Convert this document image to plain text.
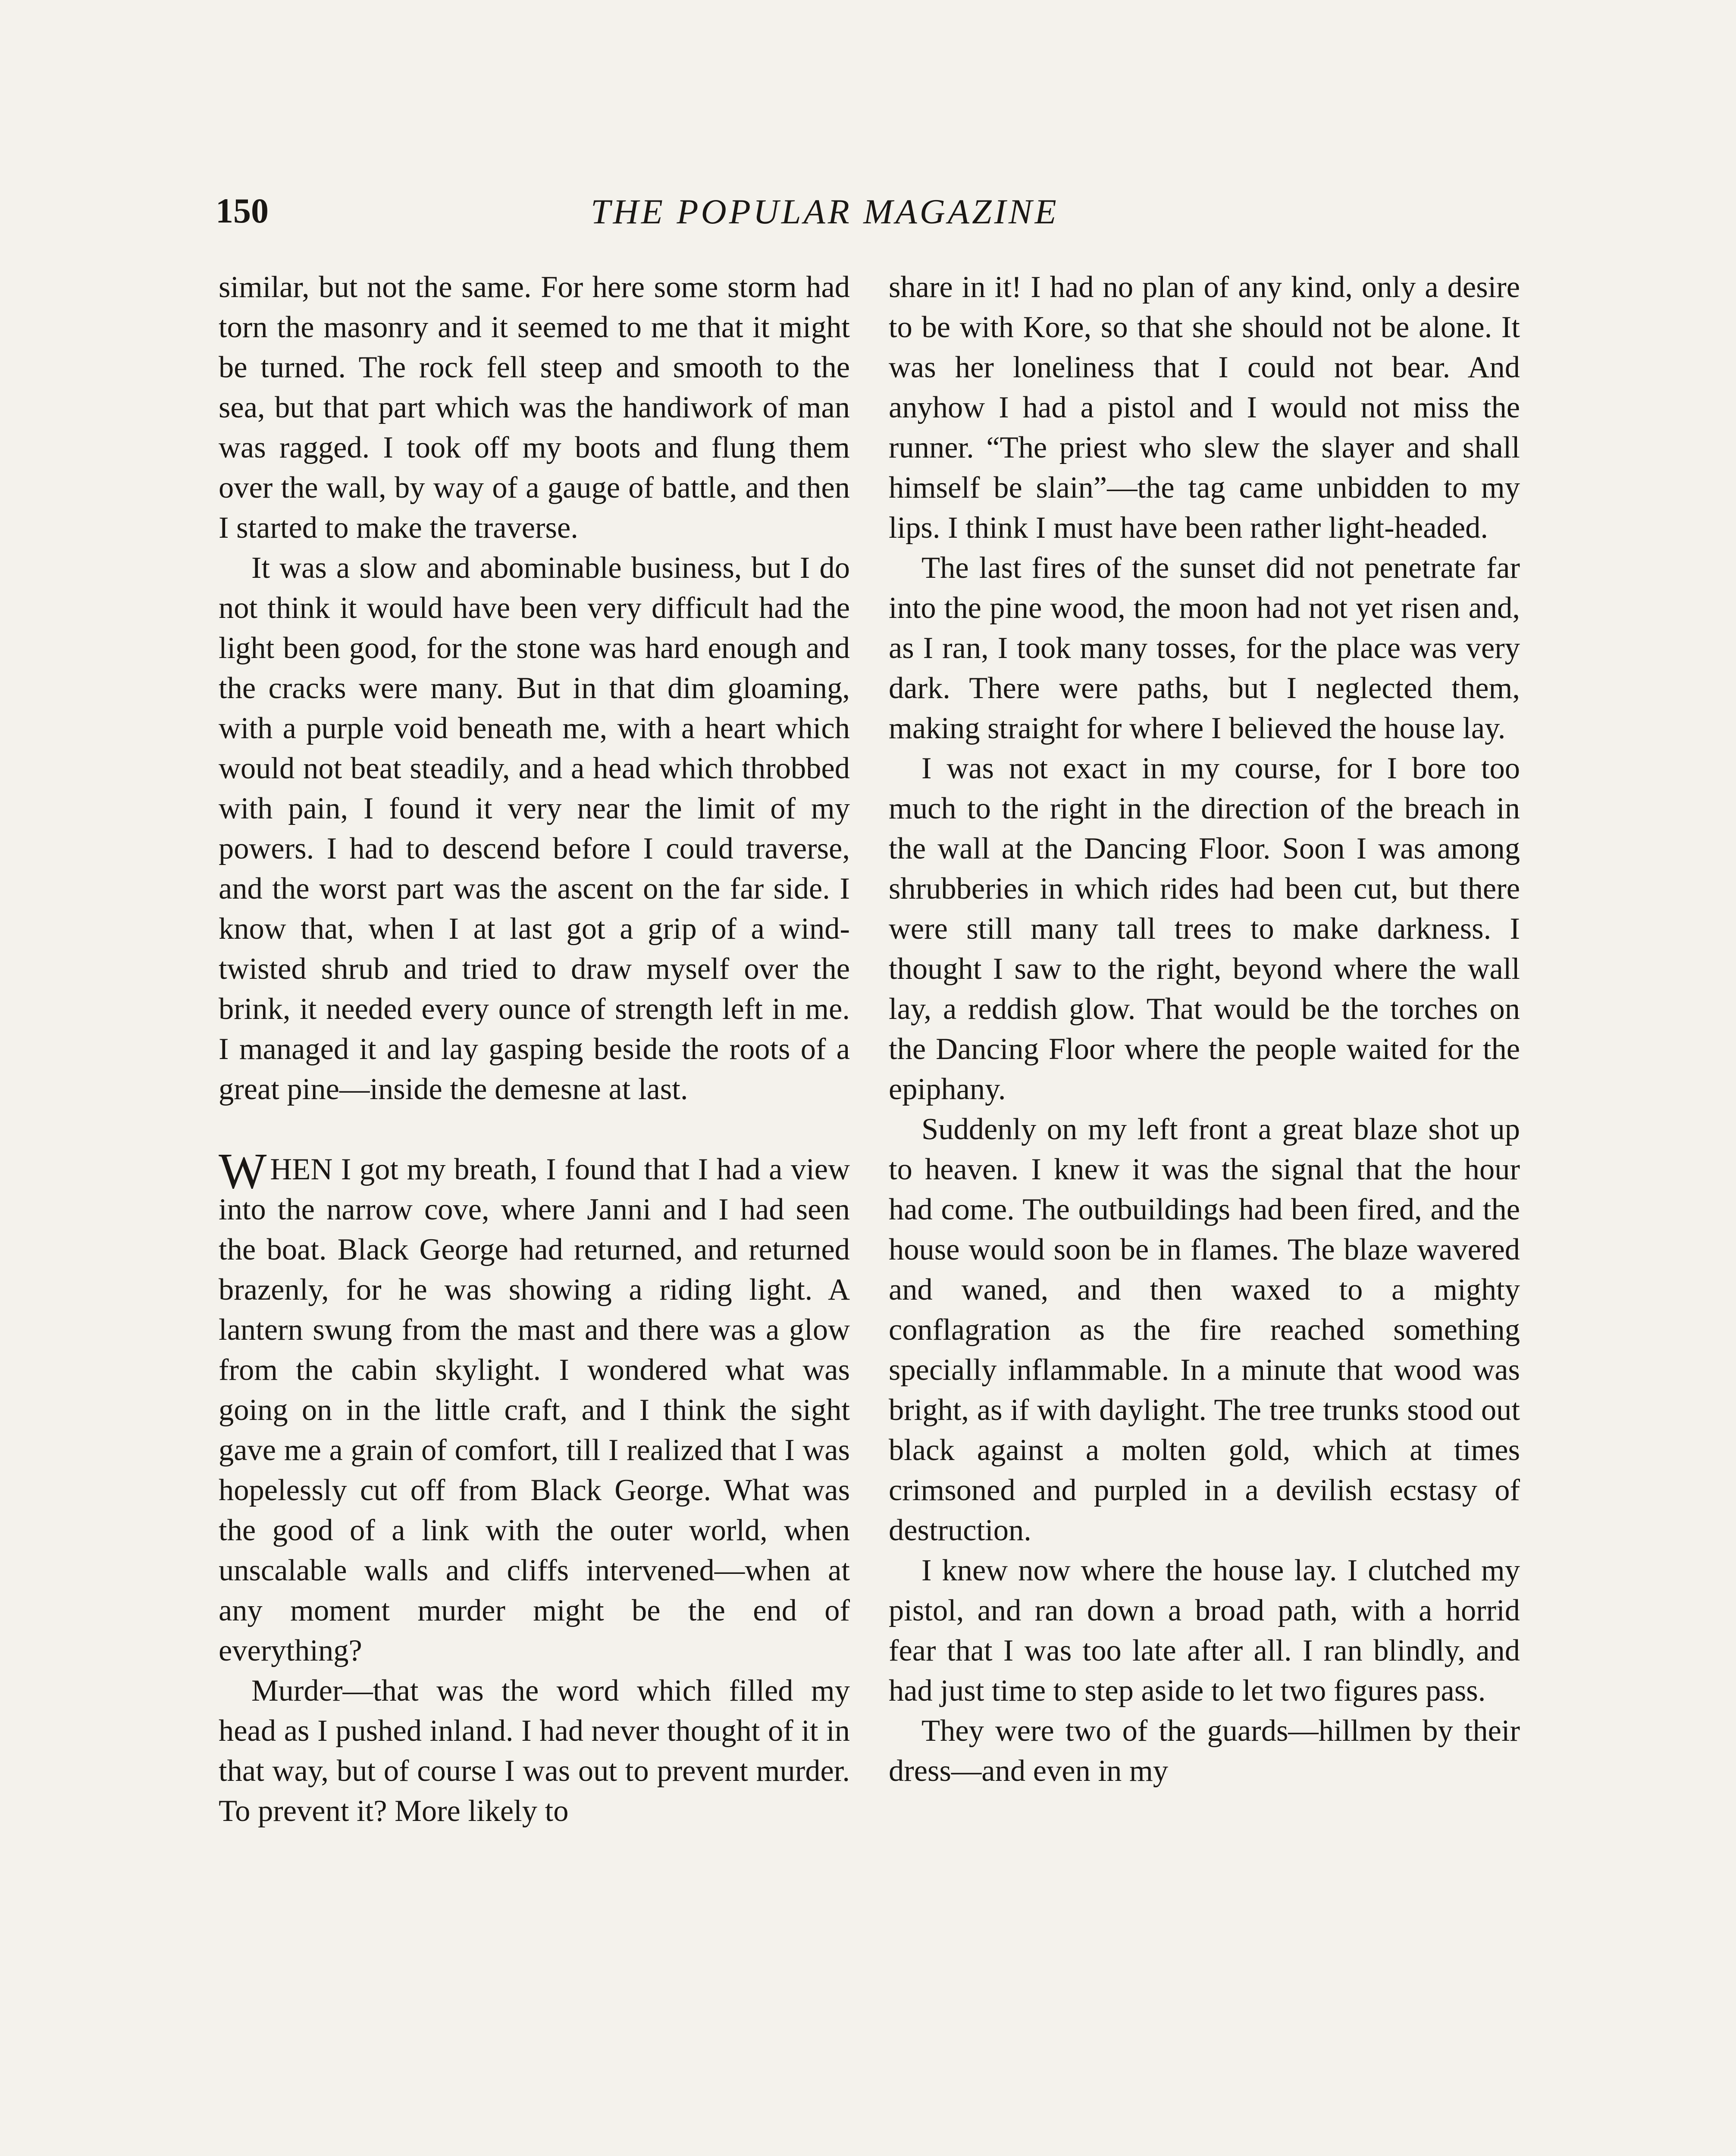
150	THE POPULAR MAGAZINE

similar, but not the same. For here some storm had torn the masonry and it seemed to me that it might be turned. The rock fell steep and smooth to the sea, but that part which was the handiwork of man was ragged. I took off my boots and flung them over the wall, by way of a gauge of battle, and then I started to make the traverse.

It was a slow and abominable business, but I do not think it would have been very difficult had the light been good, for the stone was hard enough and the cracks were many. But in that dim gloaming, with a purple void beneath me, with a heart which would not beat steadily, and a head which throbbed with pain, I found it very near the limit of my powers. I had to descend before I could traverse, and the worst part was the ascent on the far side. I know that, when I at last got a grip of a wind-twisted shrub and tried to draw myself over the brink, it needed every ounce of strength left in me. I managed it and lay gasping beside the roots of a great pine—inside the demesne at last.

WHEN I got my breath, I found that I had a view into the narrow cove, where Janni and I had seen the boat. Black George had returned, and returned brazenly, for he was showing a riding light. A lantern swung from the mast and there was a glow from the cabin skylight. I wondered what was going on in the little craft, and I think the sight gave me a grain of comfort, till I realized that I was hopelessly cut off from Black George. What was the good of a link with the outer world, when unscalable walls and cliffs intervened—when at any moment murder might be the end of everything?

Murder—that was the word which filled my head as I pushed inland. I had never thought of it in that way, but of course I was out to prevent murder. To prevent it? More likely to

share in it! I had no plan of any kind, only a desire to be with Kore, so that she should not be alone. It was her loneliness that I could not bear. And anyhow I had a pistol and I would not miss the runner. “The priest who slew the slayer and shall himself be slain”—the tag came unbidden to my lips. I think I must have been rather light-headed.

The last fires of the sunset did not penetrate far into the pine wood, the moon had not yet risen and, as I ran, I took many tosses, for the place was very dark. There were paths, but I neglected them, making straight for where I believed the house lay.

I was not exact in my course, for I bore too much to the right in the direction of the breach in the wall at the Dancing Floor. Soon I was among shrubberies in which rides had been cut, but there were still many tall trees to make darkness. I thought I saw to the right, beyond where the wall lay, a reddish glow. That would be the torches on the Dancing Floor where the people waited for the epiphany.

Suddenly on my left front a great blaze shot up to heaven. I knew it was the signal that the hour had come. The outbuildings had been fired, and the house would soon be in flames. The blaze wavered and waned, and then waxed to a mighty conflagration as the fire reached something specially inflammable. In a minute that wood was bright, as if with daylight. The tree trunks stood out black against a molten gold, which at times crimsoned and purpled in a devilish ecstasy of destruction.

I knew now where the house lay. I clutched my pistol, and ran down a broad path, with a horrid fear that I was too late after all. I ran blindly, and had just time to step aside to let two figures pass.

They were two of the guards—hillmen by their dress—and even in my
